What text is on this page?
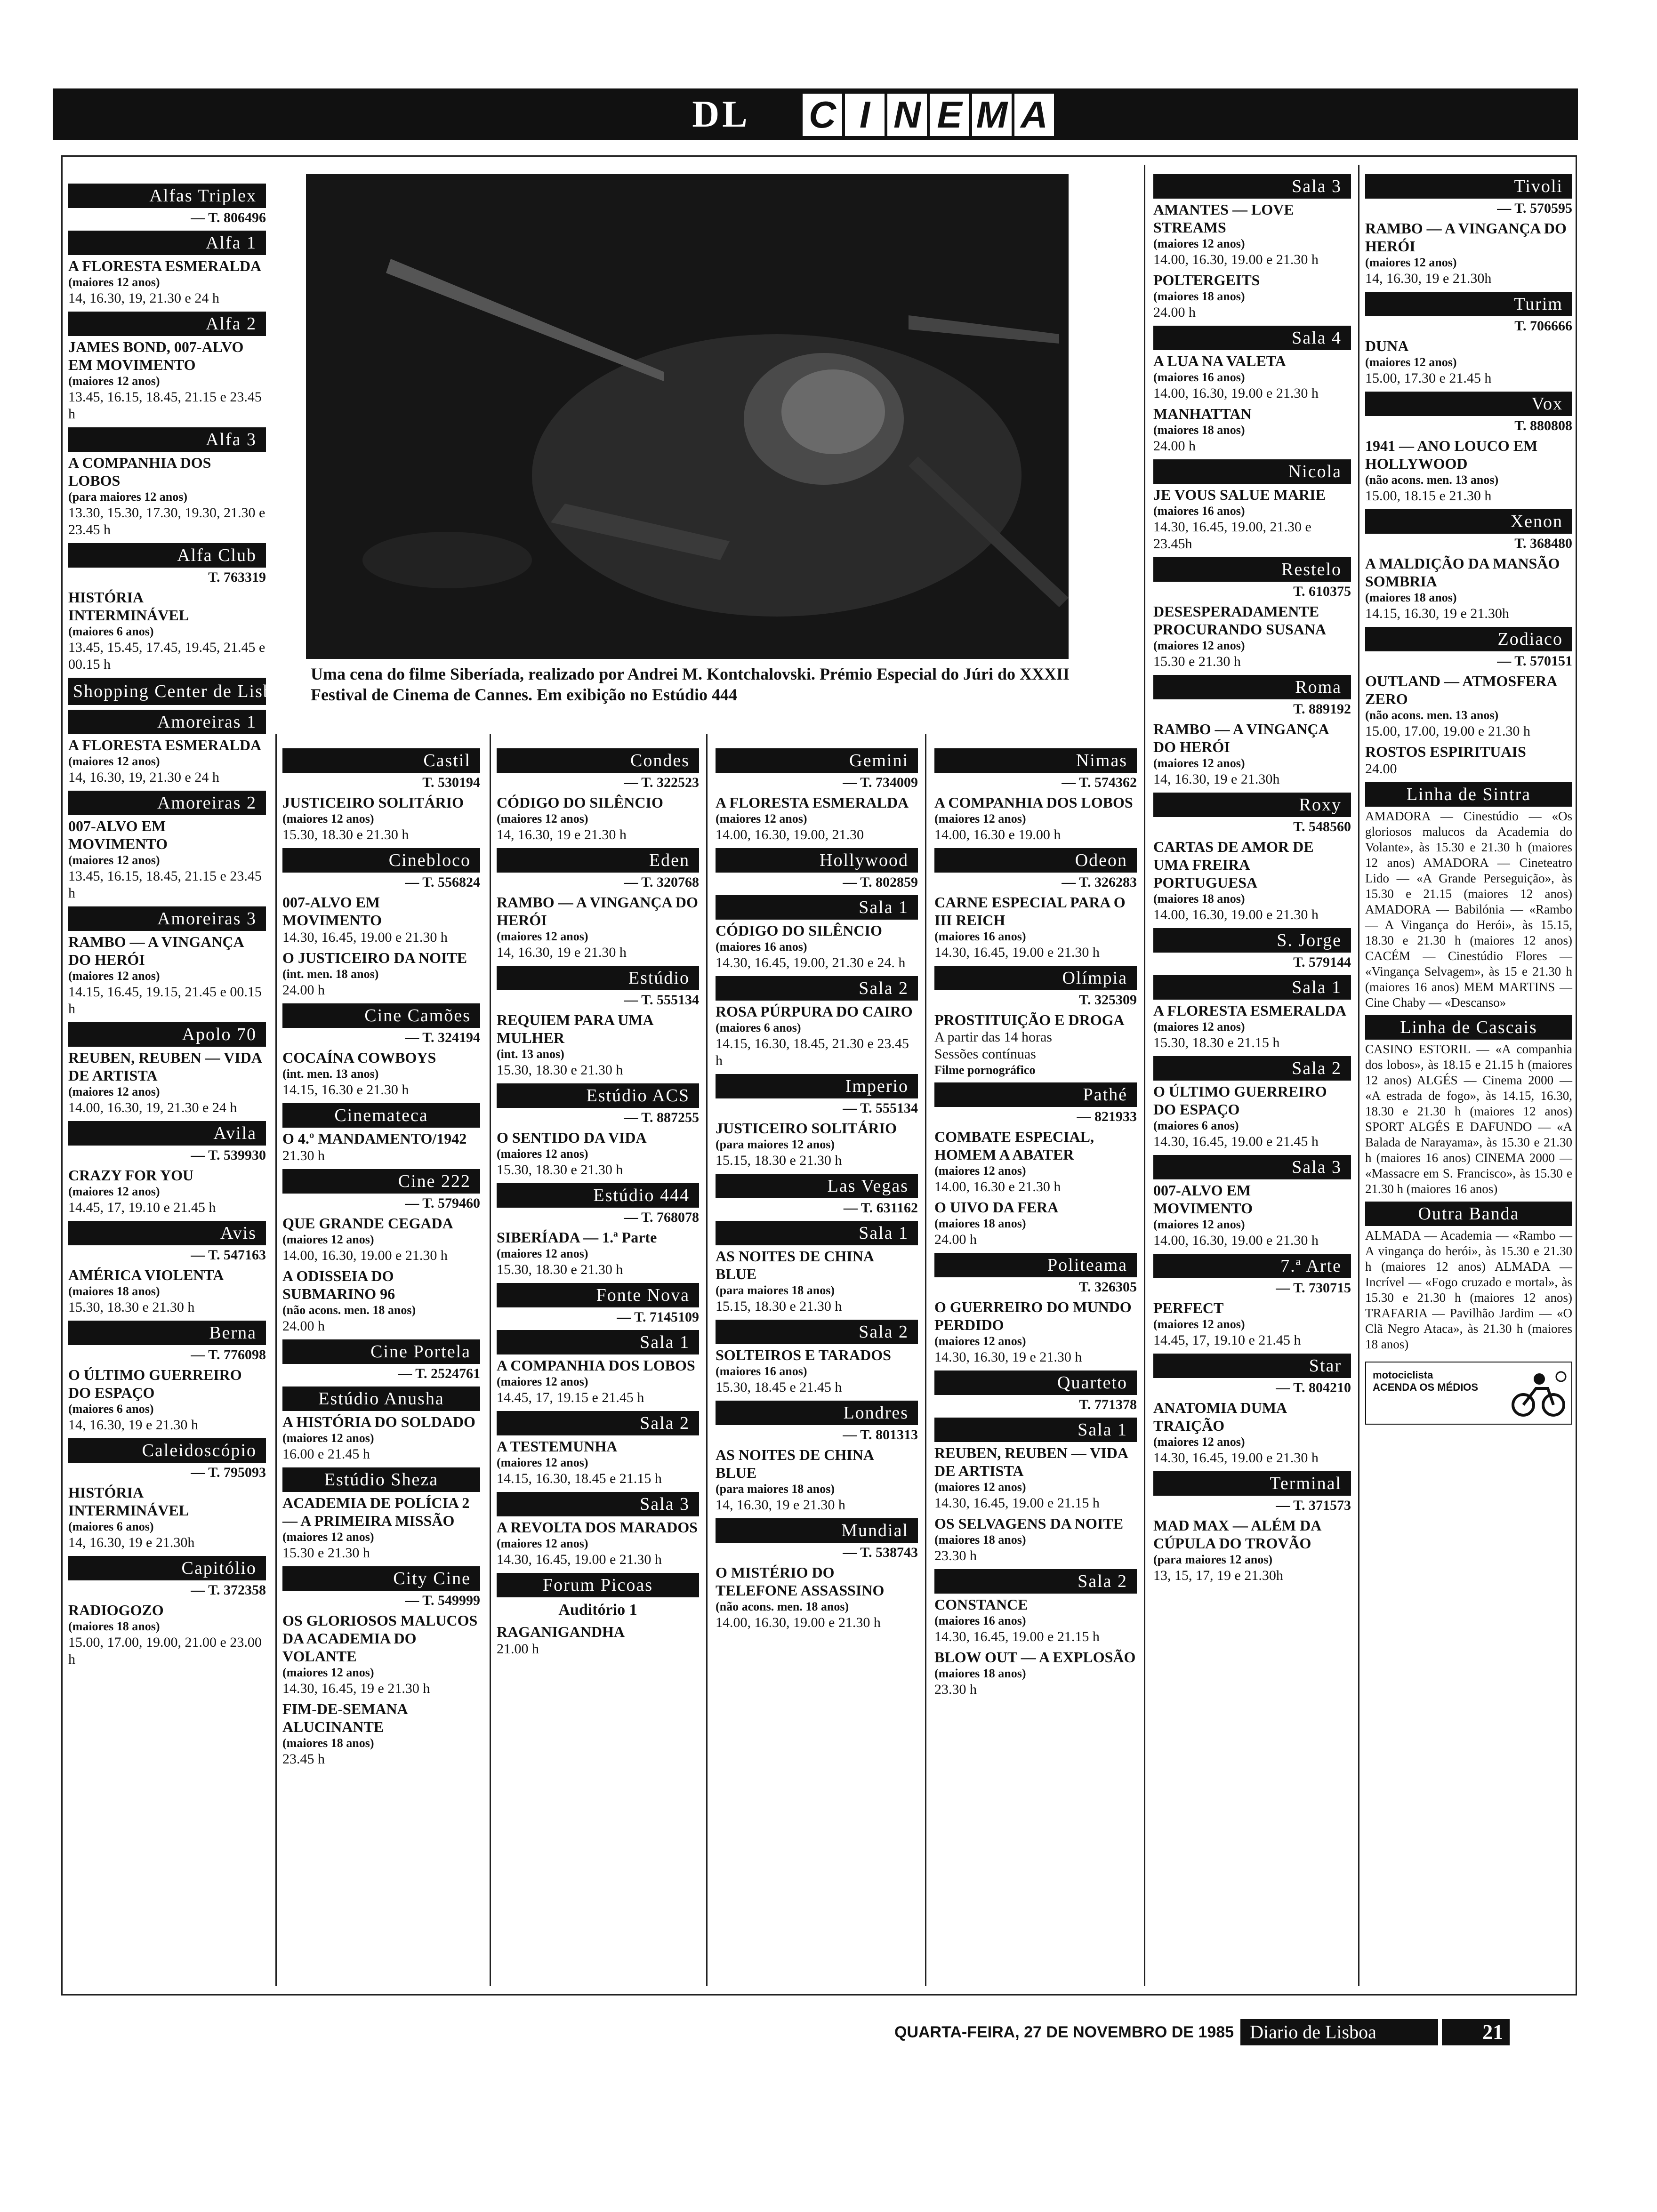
DL	C I N E M A
Uma cena do filme Siberíada, realizado por Andrei M. Kontchalovski. Prémio Especial do Júri do XXXII Festival de Cinema de Cannes. Em exibição no Estúdio 444
Alfas Triplex
— T. 806496
Alfa 1
A FLORESTA ESMERALDA
(maiores 12 anos)
14, 16.30, 19, 21.30 e 24 h
Alfa 2
JAMES BOND, 007-ALVO EM MOVIMENTO
(maiores 12 anos)
13.45, 16.15, 18.45, 21.15 e 23.45 h
Alfa 3
A COMPANHIA DOS LOBOS
(para maiores 12 anos)
13.30, 15.30, 17.30, 19.30, 21.30 e 23.45 h
Alfa Club
T. 763319
HISTÓRIA INTERMINÁVEL
(maiores 6 anos)
13.45, 15.45, 17.45, 19.45, 21.45 e 00.15 h
Shopping Center de Lisboa
Amoreiras 1
A FLORESTA ESMERALDA
(maiores 12 anos)
14, 16.30, 19, 21.30 e 24 h
Amoreiras 2
007-ALVO EM MOVIMENTO
(maiores 12 anos)
13.45, 16.15, 18.45, 21.15 e 23.45 h
Amoreiras 3
RAMBO — A VINGANÇA DO HERÓI
(maiores 12 anos)
14.15, 16.45, 19.15, 21.45 e 00.15 h
Apolo 70
REUBEN, REUBEN — VIDA DE ARTISTA
(maiores 12 anos)
14.00, 16.30, 19, 21.30 e 24 h
Avila
— T. 539930
CRAZY FOR YOU
(maiores 12 anos)
14.45, 17, 19.10 e 21.45 h
Avis
— T. 547163
AMÉRICA VIOLENTA
(maiores 18 anos)
15.30, 18.30 e 21.30 h
Berna
— T. 776098
O ÚLTIMO GUERREIRO DO ESPAÇO
(maiores 6 anos)
14, 16.30, 19 e 21.30 h
Caleidoscópio
— T. 795093
HISTÓRIA INTERMINÁVEL
(maiores 6 anos)
14, 16.30, 19 e 21.30h
Capitólio
— T. 372358
RADIOGOZO
(maiores 18 anos)
15.00, 17.00, 19.00, 21.00 e 23.00 h
Castil
T. 530194
JUSTICEIRO SOLITÁRIO
(maiores 12 anos)
15.30, 18.30 e 21.30 h
Cinebloco
— T. 556824
007-ALVO EM MOVIMENTO
14.30, 16.45, 19.00 e 21.30 h
O JUSTICEIRO DA NOITE
(int. men. 18 anos)
24.00 h
Cine Camões
— T. 324194
COCAÍNA COWBOYS
(int. men. 13 anos)
14.15, 16.30 e 21.30 h
Cinemateca
O 4.º MANDAMENTO/1942
21.30 h
Cine 222
— T. 579460
QUE GRANDE CEGADA
(maiores 12 anos)
14.00, 16.30, 19.00 e 21.30 h
A ODISSEIA DO SUBMARINO 96
(não acons. men. 18 anos)
24.00 h
Cine Portela
— T. 2524761
Estúdio Anusha
A HISTÓRIA DO SOLDADO
(maiores 12 anos)
16.00 e 21.45 h
Estúdio Sheza
ACADEMIA DE POLÍCIA 2 — A PRIMEIRA MISSÃO
(maiores 12 anos)
15.30 e 21.30 h
City Cine
— T. 549999
OS GLORIOSOS MALUCOS DA ACADEMIA DO VOLANTE
(maiores 12 anos)
14.30, 16.45, 19 e 21.30 h
FIM-DE-SEMANA ALUCINANTE
(maiores 18 anos)
23.45 h
Condes
— T. 322523
CÓDIGO DO SILÊNCIO
(maiores 12 anos)
14, 16.30, 19 e 21.30 h
Eden
— T. 320768
RAMBO — A VINGANÇA DO HERÓI
(maiores 12 anos)
14, 16.30, 19 e 21.30 h
Estúdio
— T. 555134
REQUIEM PARA UMA MULHER
(int. 13 anos)
15.30, 18.30 e 21.30 h
Estúdio ACS
— T. 887255
O SENTIDO DA VIDA
(maiores 12 anos)
15.30, 18.30 e 21.30 h
Estúdio 444
— T. 768078
SIBERÍADA — 1.ª Parte
(maiores 12 anos)
15.30, 18.30 e 21.30 h
Fonte Nova
— T. 7145109
Sala 1
A COMPANHIA DOS LOBOS
(maiores 12 anos)
14.45, 17, 19.15 e 21.45 h
Sala 2
A TESTEMUNHA
(maiores 12 anos)
14.15, 16.30, 18.45 e 21.15 h
Sala 3
A REVOLTA DOS MARADOS
(maiores 12 anos)
14.30, 16.45, 19.00 e 21.30 h
Forum Picoas
Auditório 1
RAGANIGANDHA
21.00 h
Gemini
— T. 734009
A FLORESTA ESMERALDA
(maiores 12 anos)
14.00, 16.30, 19.00, 21.30
Hollywood
— T. 802859
Sala 1
CÓDIGO DO SILÊNCIO
(maiores 16 anos)
14.30, 16.45, 19.00, 21.30 e 24. h
Sala 2
ROSA PÚRPURA DO CAIRO
(maiores 6 anos)
14.15, 16.30, 18.45, 21.30 e 23.45 h
Imperio
— T. 555134
JUSTICEIRO SOLITÁRIO
(para maiores 12 anos)
15.15, 18.30 e 21.30 h
Las Vegas
— T. 631162
Sala 1
AS NOITES DE CHINA BLUE
(para maiores 18 anos)
15.15, 18.30 e 21.30 h
Sala 2
SOLTEIROS E TARADOS
(maiores 16 anos)
15.30, 18.45 e 21.45 h
Londres
— T. 801313
AS NOITES DE CHINA BLUE
(para maiores 18 anos)
14, 16.30, 19 e 21.30 h
Mundial
— T. 538743
O MISTÉRIO DO TELEFONE ASSASSINO
(não acons. men. 18 anos)
14.00, 16.30, 19.00 e 21.30 h
Nimas
— T. 574362
A COMPANHIA DOS LOBOS
(maiores 12 anos)
14.00, 16.30 e 19.00 h
Odeon
— T. 326283
CARNE ESPECIAL PARA O III REICH
(maiores 16 anos)
14.30, 16.45, 19.00 e 21.30 h
Olímpia
T. 325309
PROSTITUIÇÃO E DROGA
A partir das 14 horas
Sessões contínuas
Filme pornográfico
Pathé
— 821933
COMBATE ESPECIAL, HOMEM A ABATER
(maiores 12 anos)
14.00, 16.30 e 21.30 h
O UIVO DA FERA
(maiores 18 anos)
24.00 h
Politeama
T. 326305
O GUERREIRO DO MUNDO PERDIDO
(maiores 12 anos)
14.30, 16.30, 19 e 21.30 h
Quarteto
T. 771378
Sala 1
REUBEN, REUBEN — VIDA DE ARTISTA
(maiores 12 anos)
14.30, 16.45, 19.00 e 21.15 h
OS SELVAGENS DA NOITE
(maiores 18 anos)
23.30 h
Sala 2
CONSTANCE
(maiores 16 anos)
14.30, 16.45, 19.00 e 21.15 h
BLOW OUT — A EXPLOSÃO
(maiores 18 anos)
23.30 h
Sala 3
AMANTES — LOVE STREAMS
(maiores 12 anos)
14.00, 16.30, 19.00 e 21.30 h
POLTERGEITS
(maiores 18 anos)
24.00 h
Sala 4
A LUA NA VALETA
(maiores 16 anos)
14.00, 16.30, 19.00 e 21.30 h
MANHATTAN
(maiores 18 anos)
24.00 h
Nicola
JE VOUS SALUE MARIE
(maiores 16 anos)
14.30, 16.45, 19.00, 21.30 e 23.45h
Restelo
T. 610375
DESESPERADAMENTE PROCURANDO SUSANA
(maiores 12 anos)
15.30 e 21.30 h
Roma
T. 889192
RAMBO — A VINGANÇA DO HERÓI
(maiores 12 anos)
14, 16.30, 19 e 21.30h
Roxy
T. 548560
CARTAS DE AMOR DE UMA FREIRA PORTUGUESA
(maiores 18 anos)
14.00, 16.30, 19.00 e 21.30 h
S. Jorge
T. 579144
Sala 1
A FLORESTA ESMERALDA
(maiores 12 anos)
15.30, 18.30 e 21.15 h
Sala 2
O ÚLTIMO GUERREIRO DO ESPAÇO
(maiores 6 anos)
14.30, 16.45, 19.00 e 21.45 h
Sala 3
007-ALVO EM MOVIMENTO
(maiores 12 anos)
14.00, 16.30, 19.00 e 21.30 h
7.ª Arte
— T. 730715
PERFECT
(maiores 12 anos)
14.45, 17, 19.10 e 21.45 h
Star
— T. 804210
ANATOMIA DUMA TRAIÇÃO
(maiores 12 anos)
14.30, 16.45, 19.00 e 21.30 h
Terminal
— T. 371573
MAD MAX — ALÉM DA CÚPULA DO TROVÃO
(para maiores 12 anos)
13, 15, 17, 19 e 21.30h
Tivoli
— T. 570595
RAMBO — A VINGANÇA DO HERÓI
(maiores 12 anos)
14, 16.30, 19 e 21.30h
Turim
T. 706666
DUNA
(maiores 12 anos)
15.00, 17.30 e 21.45 h
Vox
T. 880808
1941 — ANO LOUCO EM HOLLYWOOD
(não acons. men. 13 anos)
15.00, 18.15 e 21.30 h
Xenon
T. 368480
A MALDIÇÃO DA MANSÃO SOMBRIA
(maiores 18 anos)
14.15, 16.30, 19 e 21.30h
Zodiaco
— T. 570151
OUTLAND — ATMOSFERA ZERO
(não acons. men. 13 anos)
15.00, 17.00, 19.00 e 21.30 h
ROSTOS ESPIRITUAIS
24.00
Linha de Sintra
AMADORA — Cinestúdio — «Os gloriosos malucos da Academia do Volante», às 15.30 e 21.30 h (maiores 12 anos) AMADORA — Cineteatro Lido — «A Grande Perseguição», às 15.30 e 21.15 (maiores 12 anos) AMADORA — Babilónia — «Rambo — A Vingança do Herói», às 15.15, 18.30 e 21.30 h (maiores 12 anos) CACÉM — Cinestúdio Flores — «Vingança Selvagem», às 15 e 21.30 h (maiores 16 anos) MEM MARTINS — Cine Chaby — «Descanso»
Linha de Cascais
CASINO ESTORIL — «A companhia dos lobos», às 18.15 e 21.15 h (maiores 12 anos) ALGÉS — Cinema 2000 — «A estrada de fogo», às 14.15, 16.30, 18.30 e 21.30 h (maiores 12 anos) SPORT ALGÉS E DAFUNDO — «A Balada de Narayama», às 15.30 e 21.30 h (maiores 16 anos) CINEMA 2000 — «Massacre em S. Francisco», às 15.30 e 21.30 h (maiores 16 anos)
Outra Banda
ALMADA — Academia — «Rambo — A vingança do herói», às 15.30 e 21.30 h (maiores 12 anos) ALMADA — Incrível — «Fogo cruzado e mortal», às 15.30 e 21.30 h (maiores 12 anos) TRAFARIA — Pavilhão Jardim — «O Clã Negro Ataca», às 21.30 h (maiores 18 anos)
motociclista
ACENDA OS MÉDIOS
QUARTA-FEIRA, 27 DE NOVEMBRO DE 1985 Diario de Lisboa	21
